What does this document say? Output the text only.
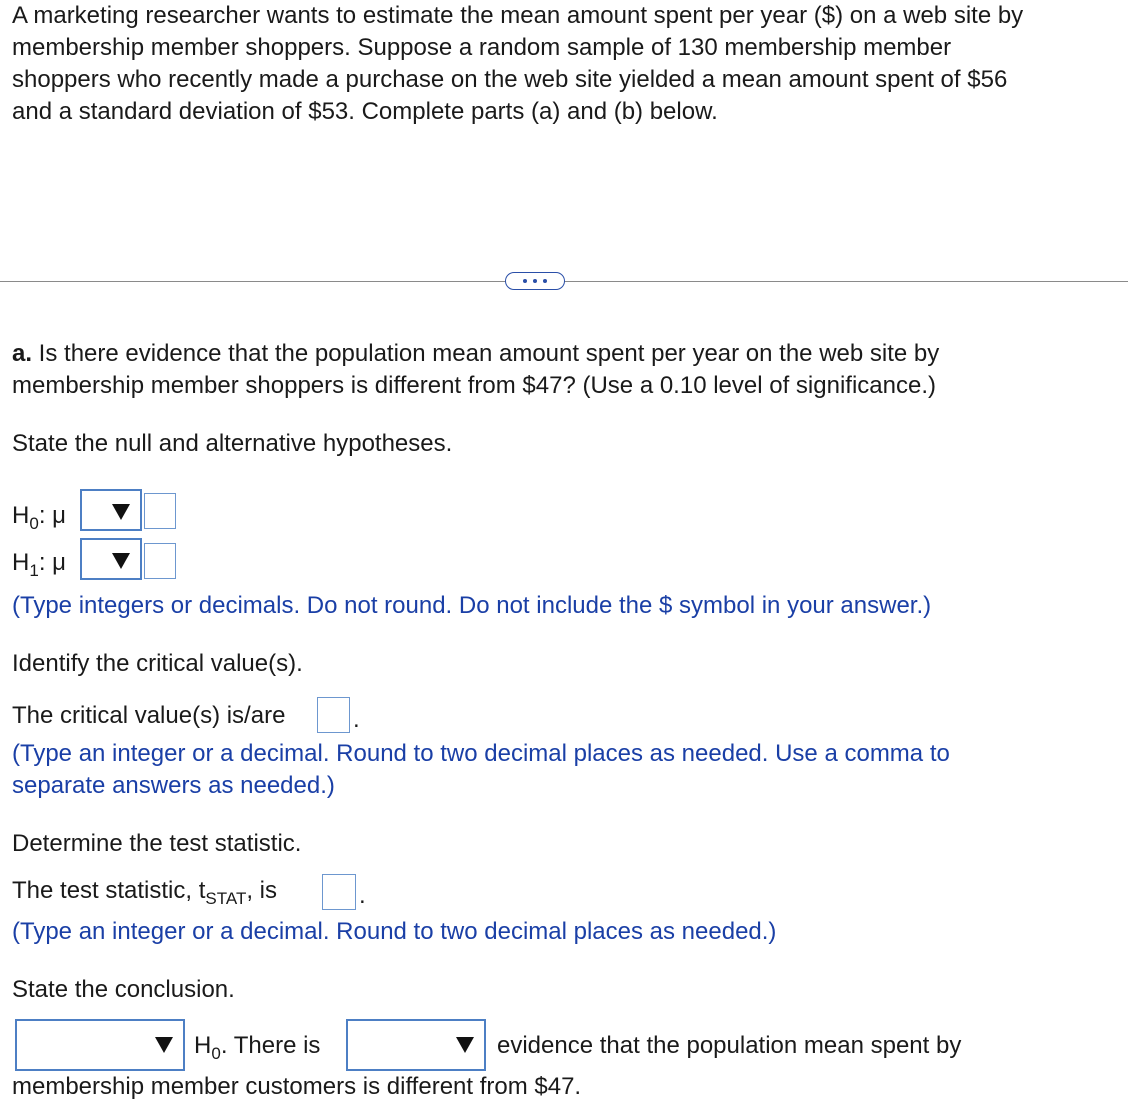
A marketing researcher wants to estimate the mean amount spent per year ($) on a web site by
membership member shoppers. Suppose a random sample of 130 membership member
shoppers who recently made a purchase on the web site yielded a mean amount spent of $56
and a standard deviation of $53. Complete parts (a) and (b) below.
a. Is there evidence that the population mean amount spent per year on the web site by
membership member shoppers is different from $47? (Use a 0.10 level of significance.)
State the null and alternative hypotheses.
$H_0$: μ
$H_1$: μ
(Type integers or decimals. Do not round. Do not include the $ symbol in your answer.)
Identify the critical value(s).
The critical value(s) is/are	.
(Type an integer or a decimal. Round to two decimal places as needed. Use a comma to
separate answers as needed.)
Determine the test statistic.
The test statistic, $t_{STAT}$, is	.
(Type an integer or a decimal. Round to two decimal places as needed.)
State the conclusion.
$H_0$. There is	evidence that the population mean spent by
membership member customers is different from $47.
